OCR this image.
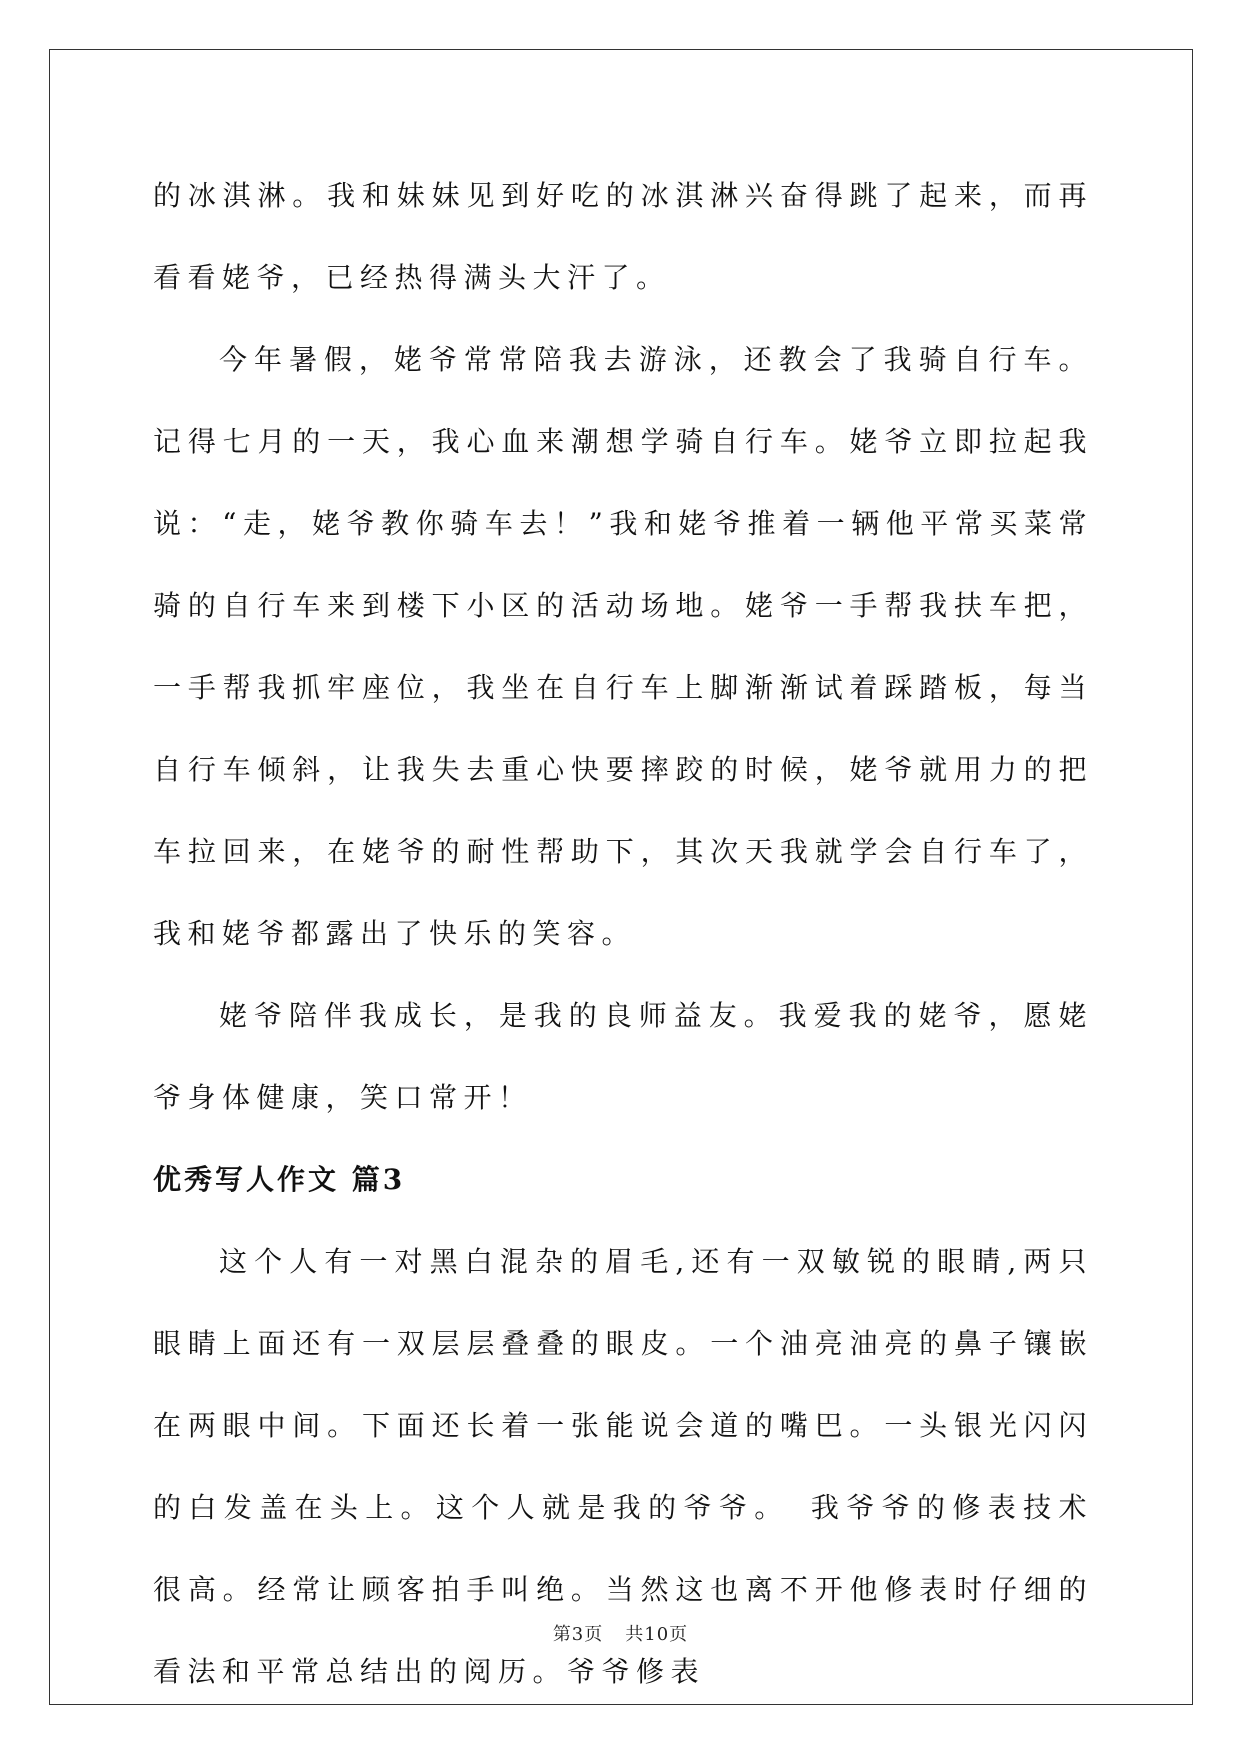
的冰淇淋。我和妹妹见到好吃的冰淇淋兴奋得跳了起来，而再看看姥爷，已经热得满头大汗了。

今年暑假，姥爷常常陪我去游泳，还教会了我骑自行车。记得七月的一天，我心血来潮想学骑自行车。姥爷立即拉起我说：“走，姥爷教你骑车去！”我和姥爷推着一辆他平常买菜常骑的自行车来到楼下小区的活动场地。姥爷一手帮我扶车把，一手帮我抓牢座位，我坐在自行车上脚渐渐试着踩踏板，每当自行车倾斜，让我失去重心快要摔跤的时候，姥爷就用力的把车拉回来，在姥爷的耐性帮助下，其次天我就学会自行车了，我和姥爷都露出了快乐的笑容。

姥爷陪伴我成长，是我的良师益友。我爱我的姥爷，愿姥爷身体健康，笑口常开！

优秀写人作文 篇3

这个人有一对黑白混杂的眉毛,还有一双敏锐的眼睛,两只眼睛上面还有一双层层叠叠的眼皮。一个油亮油亮的鼻子镶嵌在两眼中间。下面还长着一张能说会道的嘴巴。一头银光闪闪的白发盖在头上。这个人就是我的爷爷。　我爷爷的修表技术很高。经常让顾客拍手叫绝。当然这也离不开他修表时仔细的看法和平常总结出的阅历。爷爷修表

第3页 共10页
